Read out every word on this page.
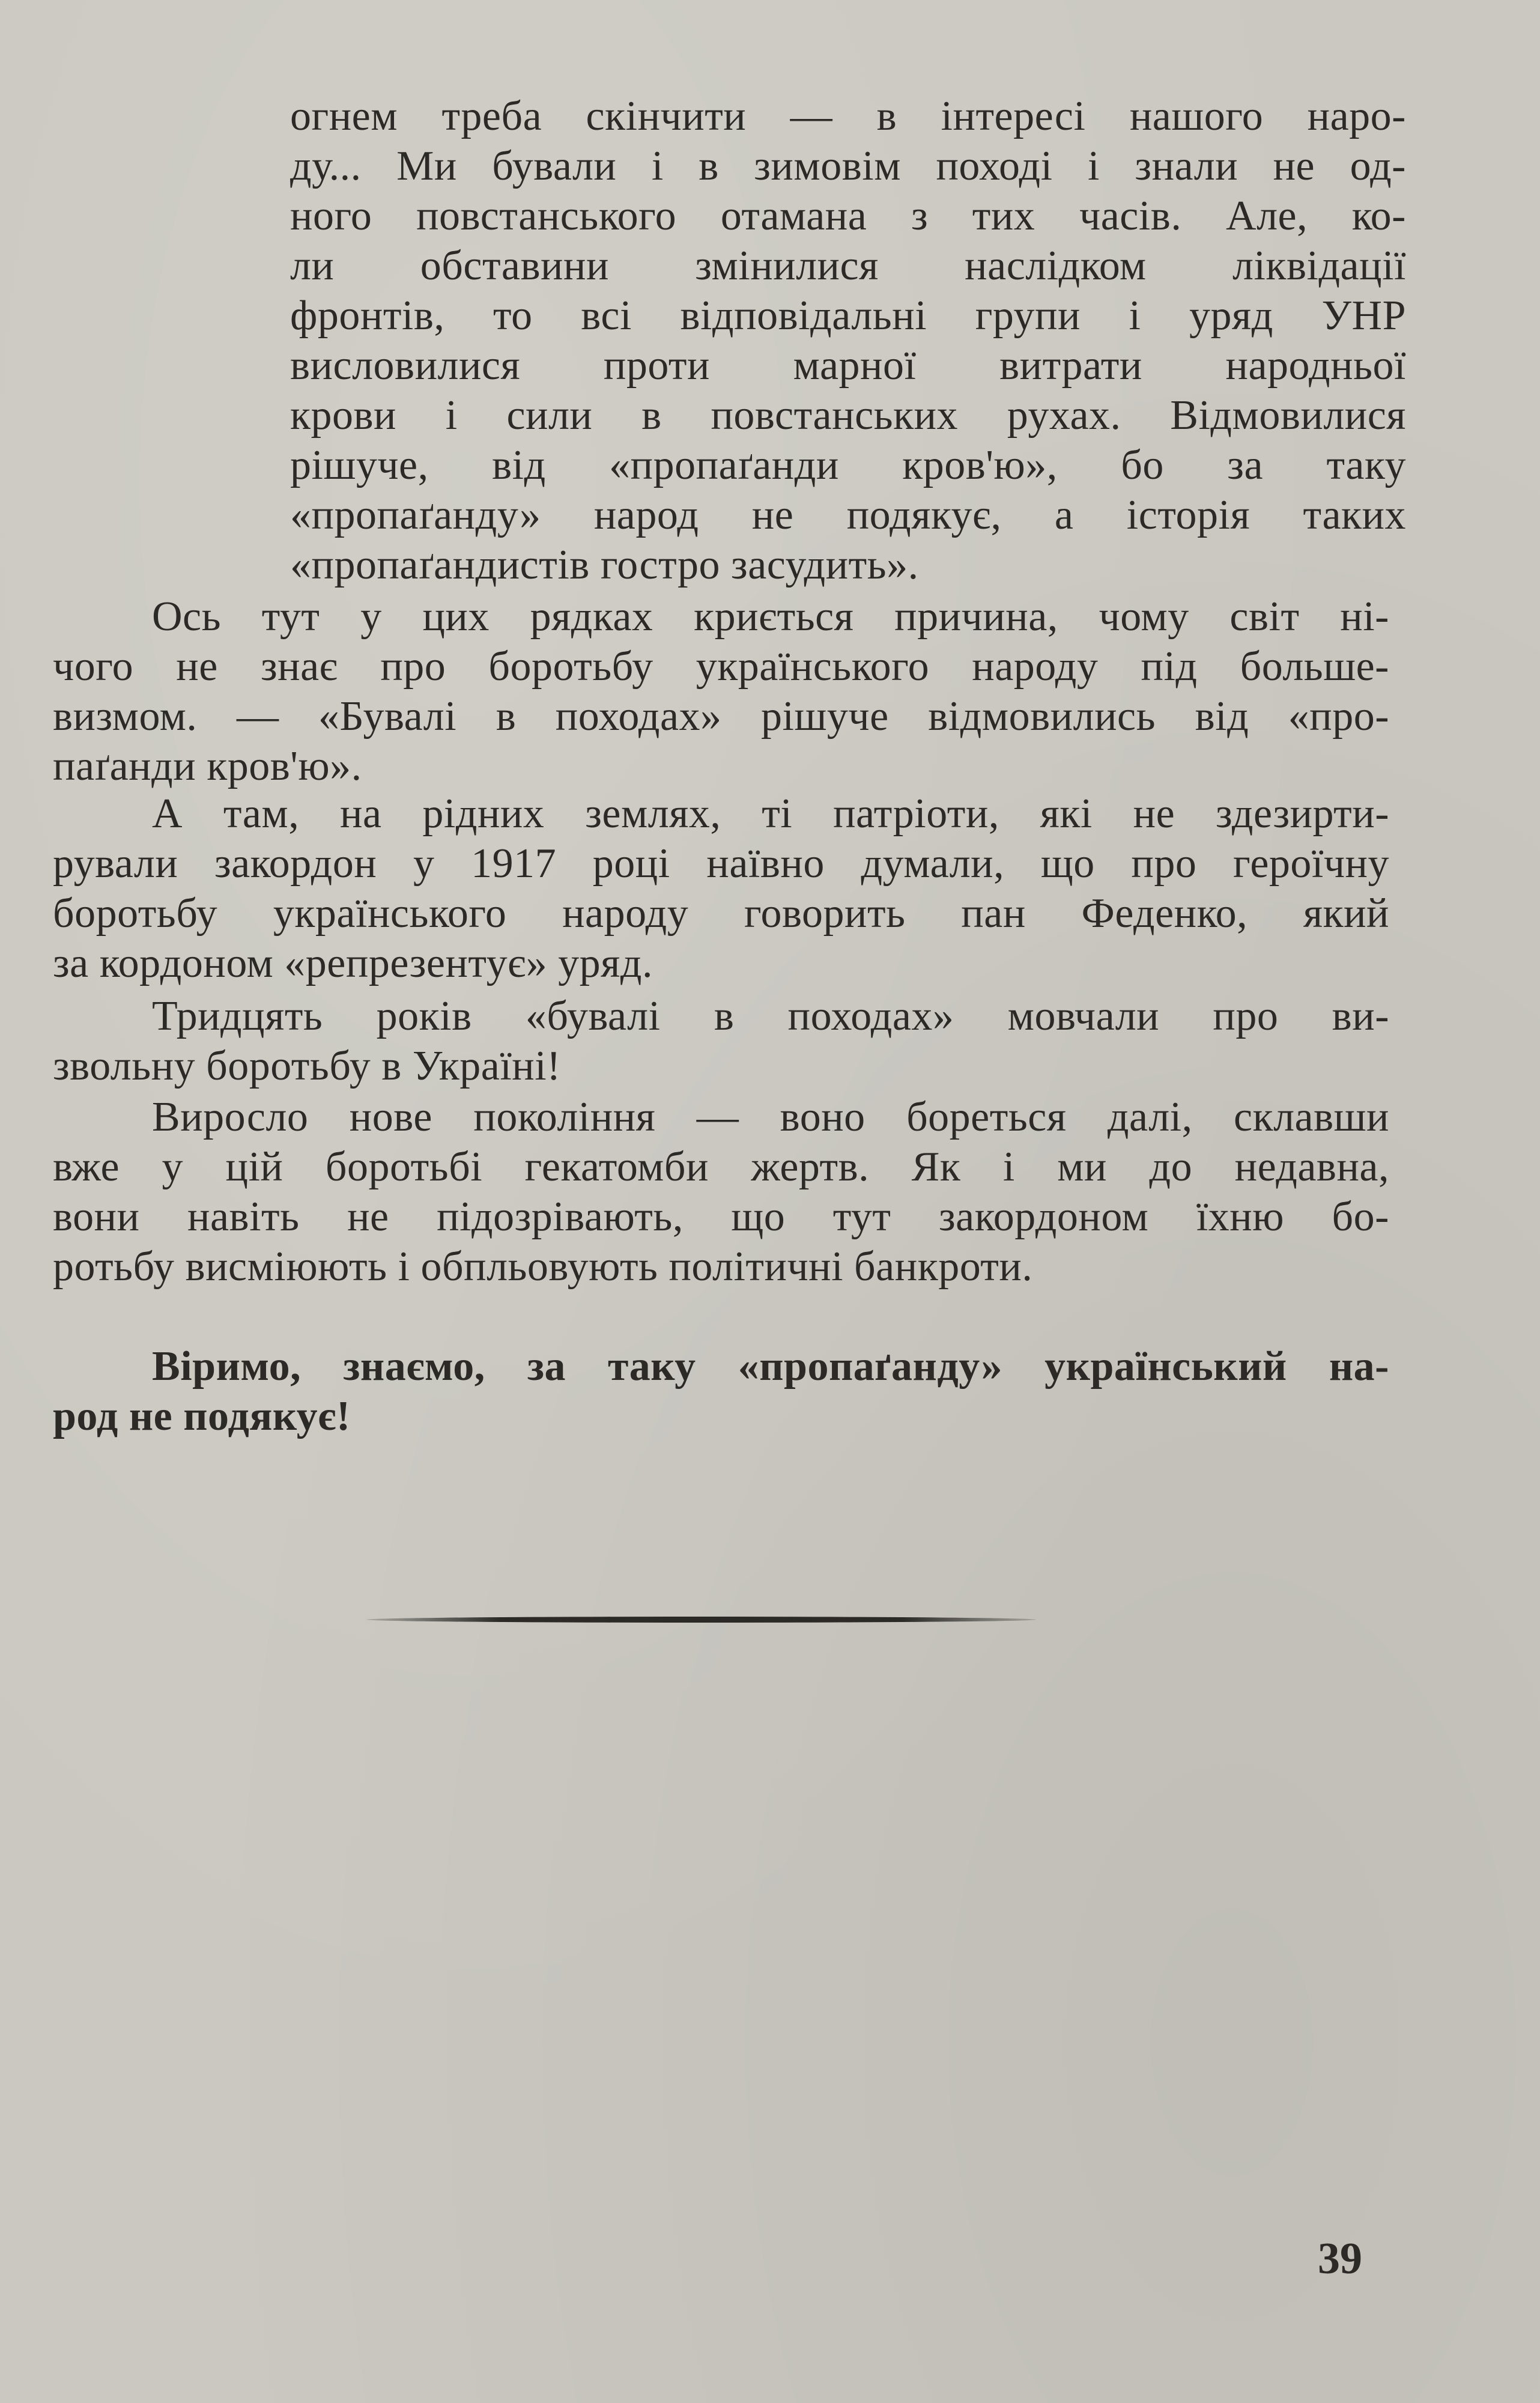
огнем треба скінчити — в інтересі нашого наро-
ду... Ми бували і в зимовім поході і знали не од-
ного повстанського отамана з тих часів. Але, ко-
ли обставини змінилися наслідком ліквідації
фронтів, то всі відповідальні групи і уряд УНР
висловилися проти марної витрати народньої
крови і сили в повстанських рухах. Відмовилися
рішуче, від «пропаґанди кров'ю», бо за таку
«пропаґанду» народ не подякує, а історія таких
«пропаґандистів гостро засудить».
Ось тут у цих рядках криється причина, чому світ ні-
чого не знає про боротьбу українського народу під больше-
визмом. — «Бувалі в походах» рішуче відмовились від «про-
паґанди кров'ю».
А там, на рідних землях, ті патріоти, які не здезирти-
рували закордон у 1917 році наївно думали, що про героїчну
боротьбу українського народу говорить пан Феденко, який
за кордоном «репрезентує» уряд.
Тридцять років «бувалі в походах» мовчали про ви-
звольну боротьбу в Україні!
Виросло нове покоління — воно бореться далі, склавши
вже у цій боротьбі гекатомби жертв. Як і ми до недавна,
вони навіть не підозрівають, що тут закордоном їхню бо-
ротьбу висміюють і обпльовують політичні банкроти.
Віримо, знаємо, за таку «пропаґанду» український на-
род не подякує!
39
